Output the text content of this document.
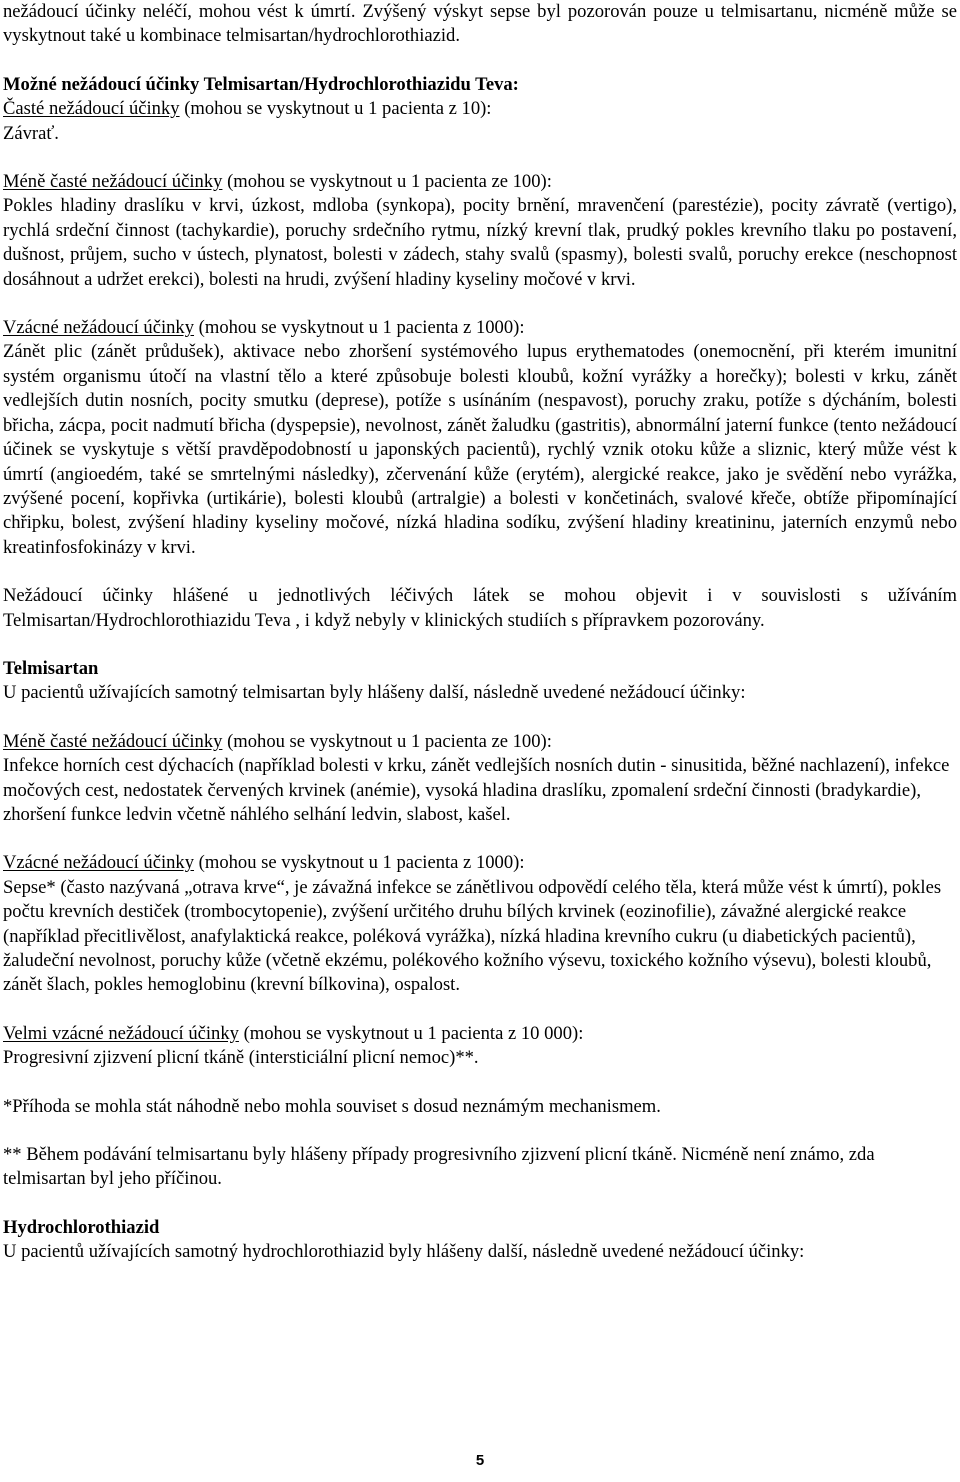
nežádoucí účinky neléčí, mohou vést k úmrtí. Zvýšený výskyt sepse byl pozorován pouze u telmisartanu, nicméně může se vyskytnout také u kombinace telmisartan/hydrochlorothiazid.

Možné nežádoucí účinky Telmisartan/Hydrochlorothiazidu Teva:

Časté nežádoucí účinky (mohou se vyskytnout u 1 pacienta z 10):

Závrať.

Méně časté nežádoucí účinky (mohou se vyskytnout u 1 pacienta ze 100):

Pokles hladiny draslíku v krvi, úzkost, mdloba (synkopa), pocity brnění, mravenčení (parestézie), pocity závratě (vertigo), rychlá srdeční činnost (tachykardie), poruchy srdečního rytmu, nízký krevní tlak, prudký pokles krevního tlaku po postavení, dušnost, průjem, sucho v ústech, plynatost, bolesti v zádech, stahy svalů (spasmy), bolesti svalů, poruchy erekce (neschopnost dosáhnout a udržet erekci), bolesti na hrudi, zvýšení hladiny kyseliny močové v krvi.

Vzácné nežádoucí účinky (mohou se vyskytnout u 1 pacienta z 1000):

Zánět plic (zánět průdušek), aktivace nebo zhoršení systémového lupus erythematodes (onemocnění, při kterém imunitní systém organismu útočí na vlastní tělo a které způsobuje bolesti kloubů, kožní vyrážky a horečky); bolesti v krku, zánět vedlejších dutin nosních, pocity smutku (deprese), potíže s usínáním (nespavost), poruchy zraku, potíže s dýcháním, bolesti břicha, zácpa, pocit nadmutí břicha (dyspepsie), nevolnost, zánět žaludku (gastritis), abnormální jaterní funkce (tento nežádoucí účinek se vyskytuje s větší pravděpodobností u japonských pacientů), rychlý vznik otoku kůže a sliznic, který může vést k úmrtí (angioedém, také se smrtelnými následky), zčervenání kůže (erytém), alergické reakce, jako je svědění nebo vyrážka, zvýšené pocení, kopřivka (urtikárie), bolesti kloubů (artralgie) a bolesti v končetinách, svalové křeče, obtíže připomínající chřipku, bolest, zvýšení hladiny kyseliny močové, nízká hladina sodíku, zvýšení hladiny kreatininu, jaterních enzymů nebo kreatinfosfokinázy v krvi.

Nežádoucí účinky hlášené u jednotlivých léčivých látek se mohou objevit i v souvislosti s užíváním Telmisartan/Hydrochlorothiazidu Teva , i když nebyly v klinických studiích s přípravkem pozorovány.

Telmisartan

U pacientů užívajících samotný telmisartan byly hlášeny další, následně uvedené nežádoucí účinky:

Méně časté nežádoucí účinky (mohou se vyskytnout u 1 pacienta ze 100):

Infekce horních cest dýchacích (například bolesti v krku, zánět vedlejších nosních dutin - sinusitida, běžné nachlazení), infekce močových cest, nedostatek červených krvinek (anémie), vysoká hladina draslíku, zpomalení srdeční činnosti (bradykardie), zhoršení funkce ledvin včetně náhlého selhání ledvin, slabost, kašel.

Vzácné nežádoucí účinky (mohou se vyskytnout u 1 pacienta z 1000):

Sepse* (často nazývaná „otrava krve“, je závažná infekce se zánětlivou odpovědí celého těla, která může vést k úmrtí), pokles počtu krevních destiček (trombocytopenie), zvýšení určitého druhu bílých krvinek (eozinofilie), závažné alergické reakce (například přecitlivělost, anafylaktická reakce, poléková vyrážka), nízká hladina krevního cukru (u diabetických pacientů), žaludeční nevolnost, poruchy kůže (včetně ekzému, polékového kožního výsevu, toxického kožního výsevu), bolesti kloubů, zánět šlach, pokles hemoglobinu (krevní bílkovina), ospalost.

Velmi vzácné nežádoucí účinky (mohou se vyskytnout u 1 pacienta z 10 000):

Progresivní zjizvení plicní tkáně (intersticiální plicní nemoc)**.

*Příhoda se mohla stát náhodně nebo mohla souviset s dosud neznámým mechanismem.

** Během podávání telmisartanu byly hlášeny případy progresivního zjizvení plicní tkáně. Nicméně není známo, zda telmisartan byl jeho příčinou.

Hydrochlorothiazid

U pacientů užívajících samotný hydrochlorothiazid byly hlášeny další, následně uvedené nežádoucí účinky:

5
